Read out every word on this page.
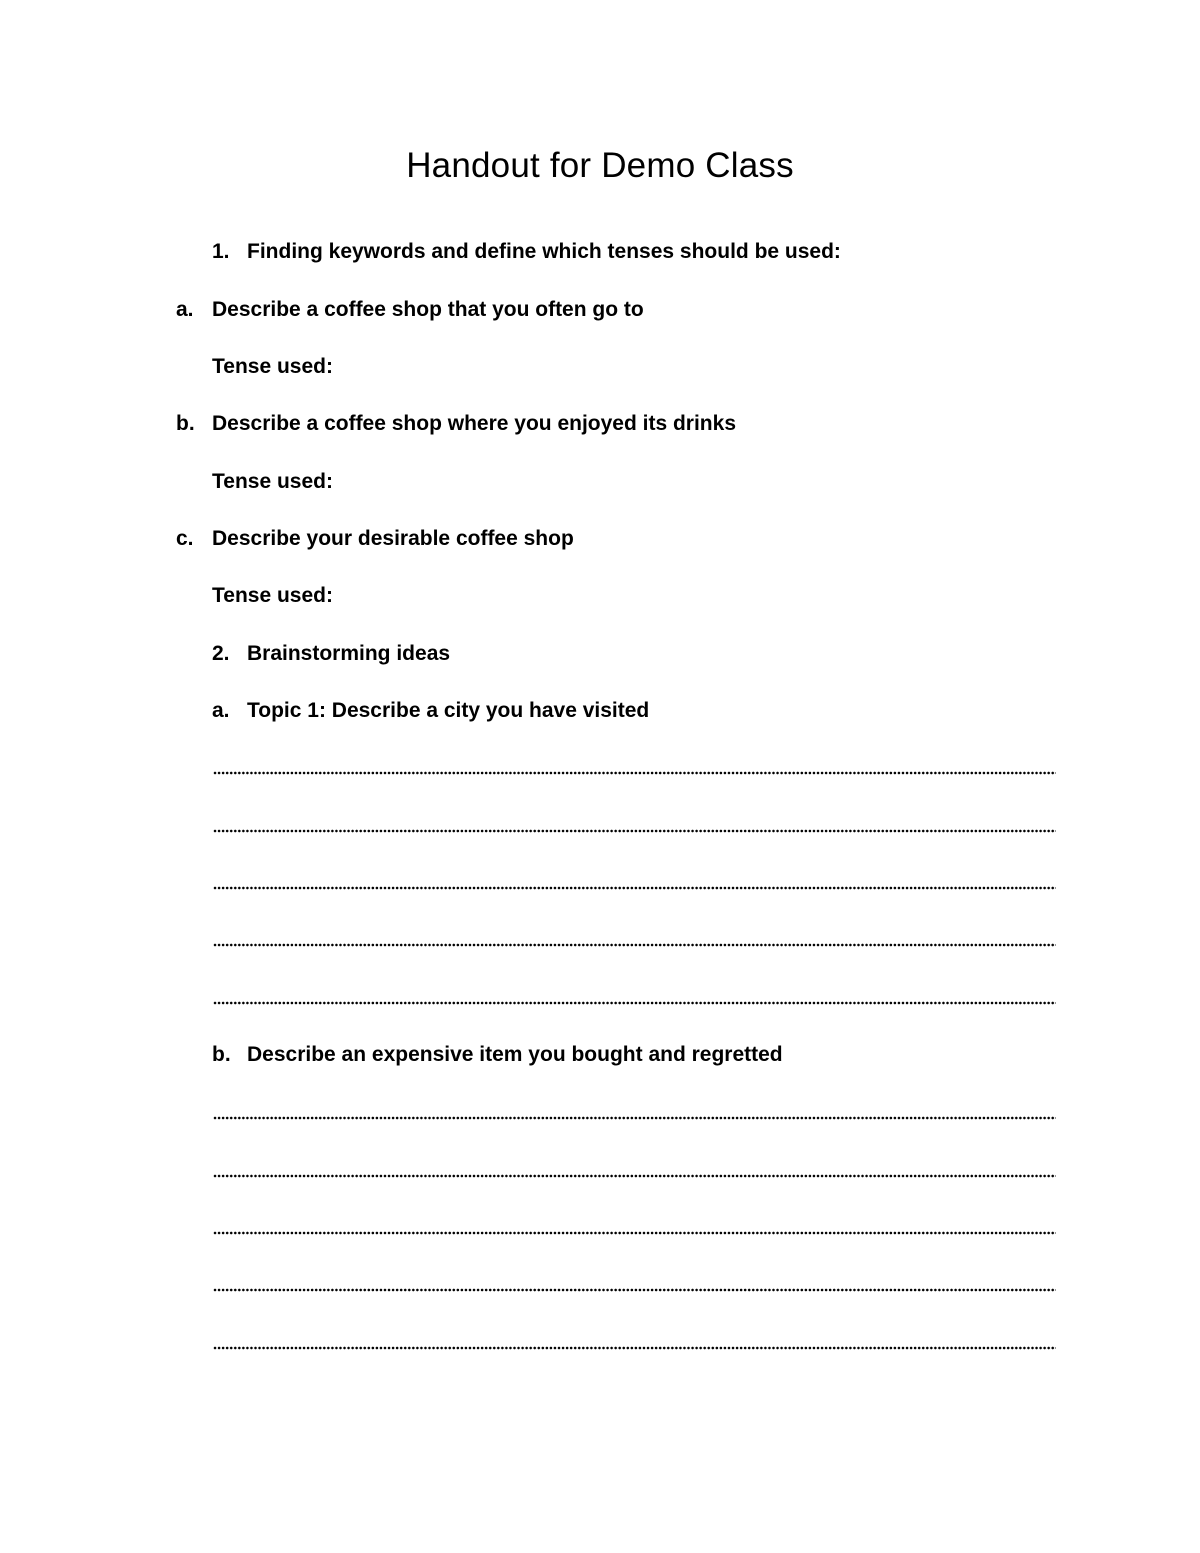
Handout for Demo Class
1. Finding keywords and define which tenses should be used:
a. Describe a coffee shop that you often go to
Tense used:
b. Describe a coffee shop where you enjoyed its drinks
Tense used:
c. Describe your desirable coffee shop
Tense used:
2. Brainstorming ideas
a. Topic 1: Describe a city you have visited
b. Describe an expensive item you bought and regretted
